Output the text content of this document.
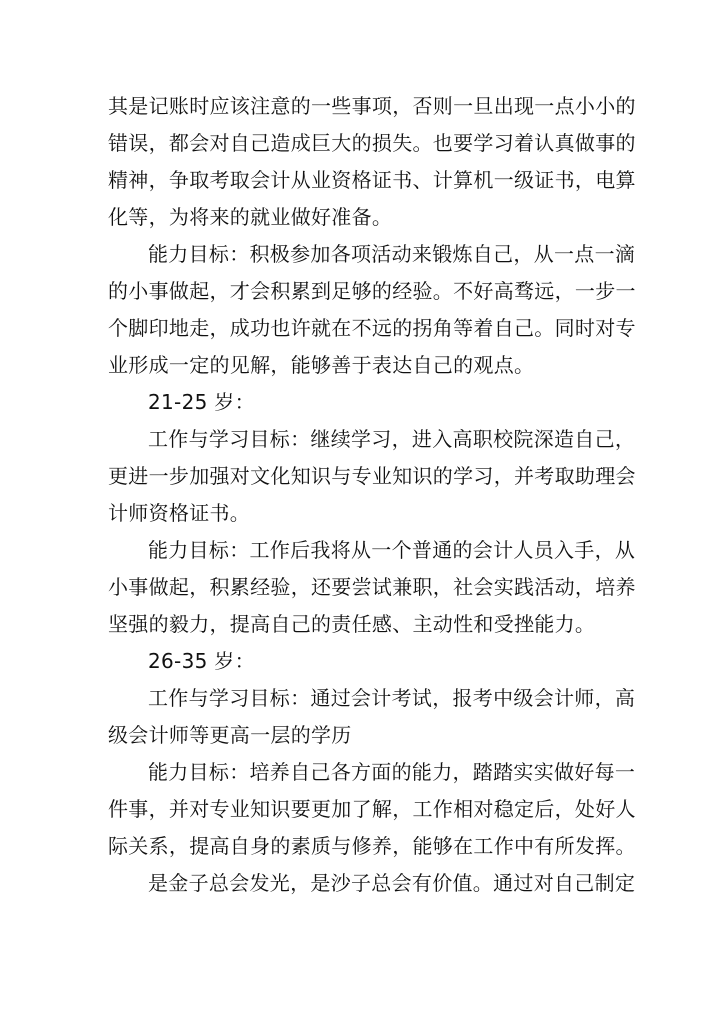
其是记账时应该注意的一些事项，否则一旦出现一点小小的
错误，都会对自己造成巨大的损失。也要学习着认真做事的
精神，争取考取会计从业资格证书、计算机一级证书，电算
化等，为将来的就业做好准备。
能力目标：积极参加各项活动来锻炼自己，从一点一滴
的小事做起，才会积累到足够的经验。不好高骛远，一步一
个脚印地走，成功也许就在不远的拐角等着自己。同时对专
业形成一定的见解，能够善于表达自己的观点。
21-25 岁：
工作与学习目标：继续学习，进入高职校院深造自己，
更进一步加强对文化知识与专业知识的学习，并考取助理会
计师资格证书。
能力目标：工作后我将从一个普通的会计人员入手，从
小事做起，积累经验，还要尝试兼职，社会实践活动，培养
坚强的毅力，提高自己的责任感、主动性和受挫能力。
26-35 岁：
工作与学习目标：通过会计考试，报考中级会计师，高
级会计师等更高一层的学历
能力目标：培养自己各方面的能力，踏踏实实做好每一
件事，并对专业知识要更加了解，工作相对稳定后，处好人
际关系，提高自身的素质与修养，能够在工作中有所发挥。
是金子总会发光，是沙子总会有价值。通过对自己制定
